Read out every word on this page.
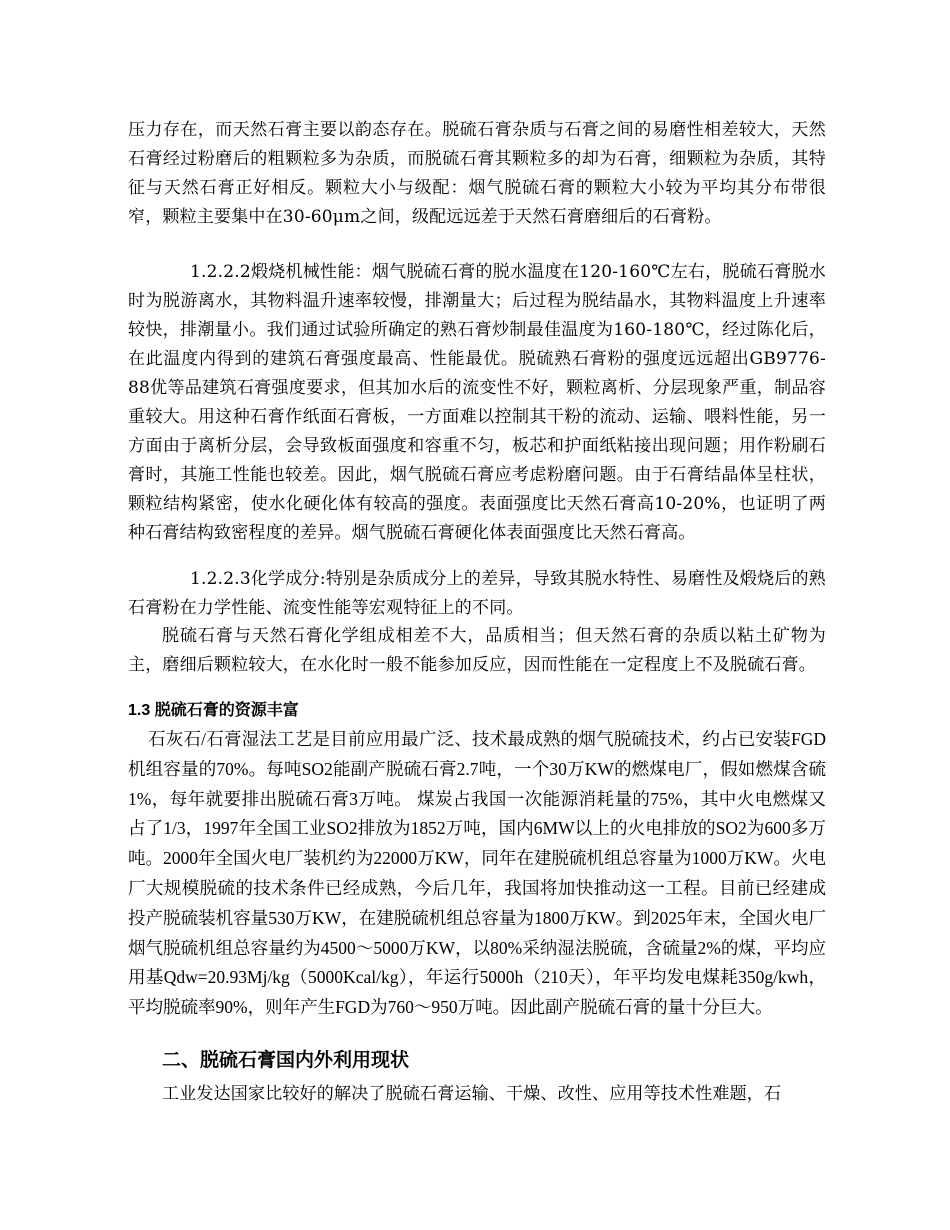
压力存在，而天然石膏主要以韵态存在。脱硫石膏杂质与石膏之间的易磨性相差较大，天然石膏经过粉磨后的粗颗粒多为杂质，而脱硫石膏其颗粒多的却为石膏，细颗粒为杂质，其特征与天然石膏正好相反。颗粒大小与级配：烟气脱硫石膏的颗粒大小较为平均其分布带很窄，颗粒主要集中在30-60μm之间，级配远远差于天然石膏磨细后的石膏粉。

1.2.2.2煅烧机械性能：烟气脱硫石膏的脱水温度在120-160℃左右，脱硫石膏脱水时为脱游离水，其物料温升速率较慢，排潮量大；后过程为脱结晶水，其物料温度上升速率较快，排潮量小。我们通过试验所确定的熟石膏炒制最佳温度为160-180℃，经过陈化后，在此温度内得到的建筑石膏强度最高、性能最优。脱硫熟石膏粉的强度远远超出GB9776-88优等品建筑石膏强度要求，但其加水后的流变性不好，颗粒离析、分层现象严重，制品容重较大。用这种石膏作纸面石膏板，一方面难以控制其干粉的流动、运输、喂料性能，另一方面由于离析分层，会导致板面强度和容重不匀，板芯和护面纸粘接出现问题；用作粉刷石膏时，其施工性能也较差。因此，烟气脱硫石膏应考虑粉磨问题。由于石膏结晶体呈柱状，颗粒结构紧密，使水化硬化体有较高的强度。表面强度比天然石膏高10-20%，也证明了两种石膏结构致密程度的差异。烟气脱硫石膏硬化体表面强度比天然石膏高。

1.2.2.3化学成分:特别是杂质成分上的差异，导致其脱水特性、易磨性及煅烧后的熟石膏粉在力学性能、流变性能等宏观特征上的不同。

脱硫石膏与天然石膏化学组成相差不大，品质相当；但天然石膏的杂质以粘土矿物为主，磨细后颗粒较大，在水化时一般不能参加反应，因而性能在一定程度上不及脱硫石膏。

1.3 脱硫石膏的资源丰富

石灰石/石膏湿法工艺是目前应用最广泛、技术最成熟的烟气脱硫技术，约占已安装FGD机组容量的70%。每吨SO2能副产脱硫石膏2.7吨，一个30万KW的燃煤电厂，假如燃煤含硫1%，每年就要排出脱硫石膏3万吨。 煤炭占我国一次能源消耗量的75%，其中火电燃煤又占了1/3，1997年全国工业SO2排放为1852万吨，国内6MW以上的火电排放的SO2为600多万吨。2000年全国火电厂装机约为22000万KW，同年在建脱硫机组总容量为1000万KW。火电厂大规模脱硫的技术条件已经成熟，今后几年，我国将加快推动这一工程。目前已经建成投产脱硫装机容量530万KW，在建脱硫机组总容量为1800万KW。到2025年末，全国火电厂烟气脱硫机组总容量约为4500～5000万KW，以80%采纳湿法脱硫，含硫量2%的煤，平均应用基Qdw=20.93Mj/kg（5000Kcal/kg），年运行5000h（210天），年平均发电煤耗350g/kwh，平均脱硫率90%，则年产生FGD为760～950万吨。因此副产脱硫石膏的量十分巨大。

二、脱硫石膏国内外利用现状

工业发达国家比较好的解决了脱硫石膏运输、干燥、改性、应用等技术性难题，石
